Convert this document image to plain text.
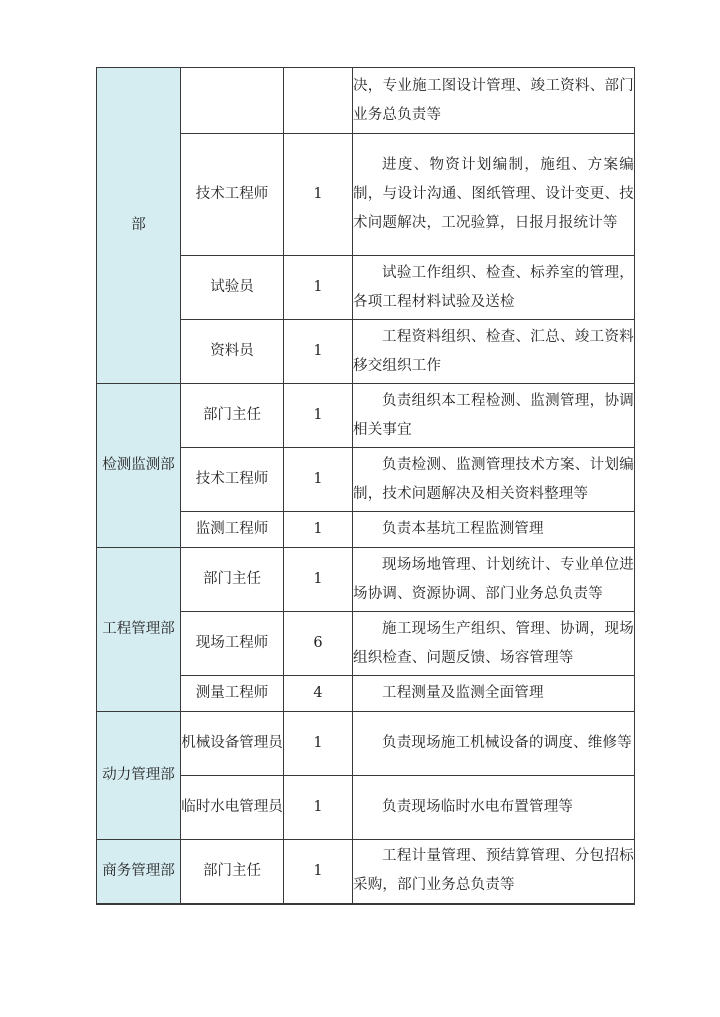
部			决，专业施工图设计管理、竣工资料、部门业务总负责等

	技术工程师	1	进度、物资计划编制，施组、方案编制，与设计沟通、图纸管理、设计变更、技术问题解决，工况验算，日报月报统计等

	试验员	1	试验工作组织、检查、标养室的管理，各项工程材料试验及送检

	资料员	1	工程资料组织、检查、汇总、竣工资料移交组织工作

检测监测部	部门主任	1	负责组织本工程检测、监测管理，协调相关事宜

	技术工程师	1	负责检测、监测管理技术方案、计划编制，技术问题解决及相关资料整理等

	监测工程师	1	负责本基坑工程监测管理

工程管理部	部门主任	1	现场场地管理、计划统计、专业单位进场协调、资源协调、部门业务总负责等

	现场工程师	6	施工现场生产组织、管理、协调，现场组织检查、问题反馈、场容管理等

	测量工程师	4	工程测量及监测全面管理

动力管理部	机械设备管理员	1	负责现场施工机械设备的调度、维修等

	临时水电管理员	1	负责现场临时水电布置管理等

商务管理部	部门主任	1	工程计量管理、预结算管理、分包招标采购，部门业务总负责等
